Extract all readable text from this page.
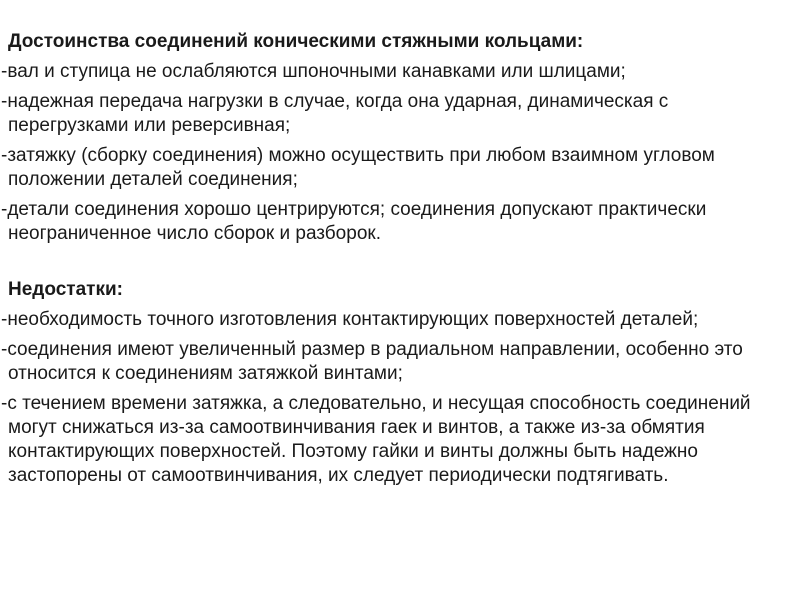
Достоинства соединений коническими стяжными кольцами:
-вал и ступица не ослабляются шпоночными канавками или шлицами;
-надежная передача нагрузки в случае, когда она ударная, динамическая с перегрузками или реверсивная;
-затяжку (сборку соединения) можно осуществить при любом взаимном угловом положении деталей соединения;
-детали соединения хорошо центрируются; соединения допускают практически неограниченное число сборок и разборок.
Недостатки:
-необходимость точного изготовления контактирующих поверхностей деталей;
-соединения имеют увеличенный размер в радиальном направлении, особенно это относится к соединениям затяжкой винтами;
-с течением времени затяжка, а следовательно, и несущая способность соединений могут снижаться из-за самоотвинчивания гаек и винтов, а также из-за обмятия контактирующих поверхностей. Поэтому гайки и винты должны быть надежно застопорены от самоотвинчивания, их следует периодически подтягивать.
